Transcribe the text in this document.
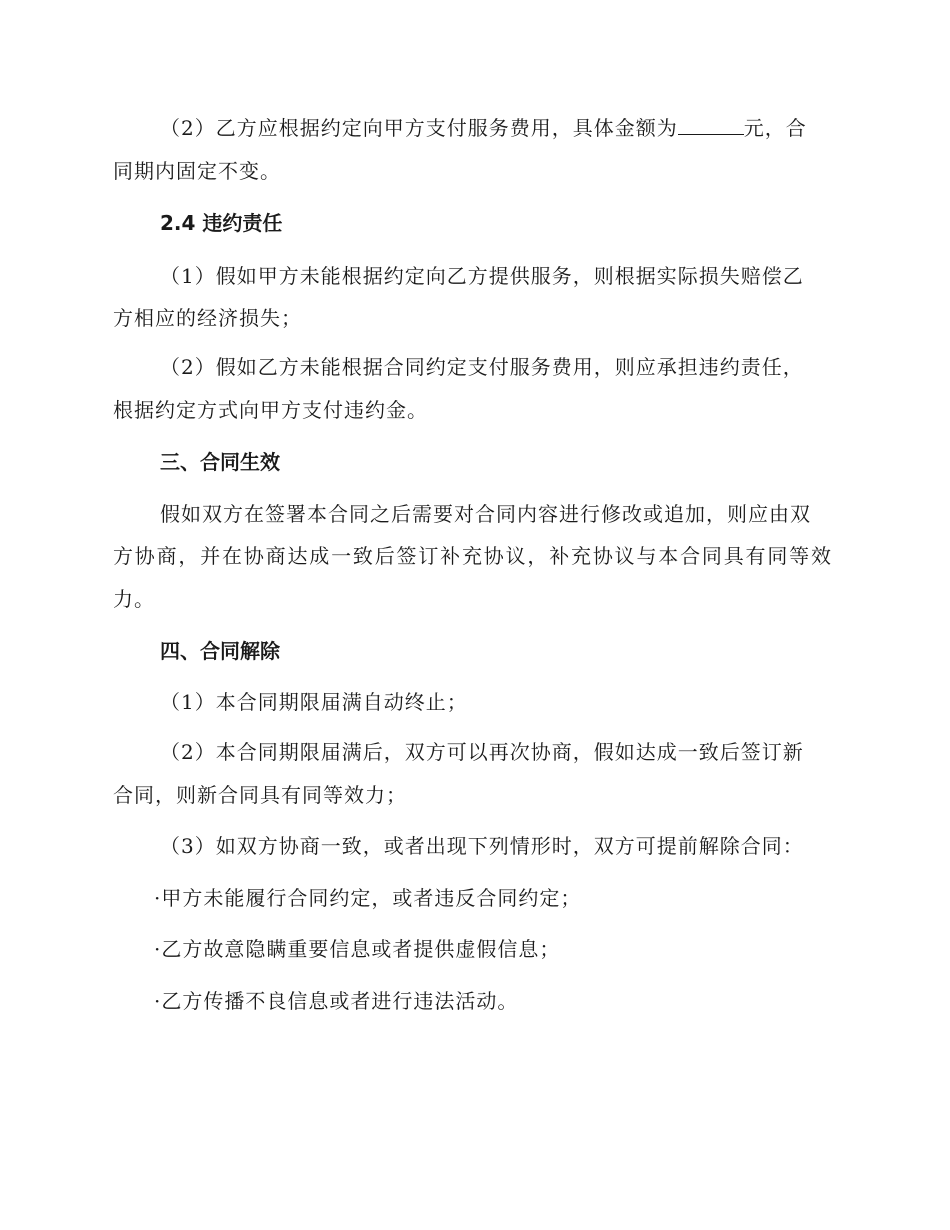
（2）乙方应根据约定向甲方支付服务费用，具体金额为	元，合
同期内固定不变。
2.4 违约责任
（1）假如甲方未能根据约定向乙方提供服务，则根据实际损失赔偿乙
方相应的经济损失；
（2）假如乙方未能根据合同约定支付服务费用，则应承担违约责任，
根据约定方式向甲方支付违约金。
三、合同生效
假如双方在签署本合同之后需要对合同内容进行修改或追加，则应由双
方协商，并在协商达成一致后签订补充协议，补充协议与本合同具有同等效
力。
四、合同解除
（1）本合同期限届满自动终止；
（2）本合同期限届满后，双方可以再次协商，假如达成一致后签订新
合同，则新合同具有同等效力；
（3）如双方协商一致，或者出现下列情形时，双方可提前解除合同：
·甲方未能履行合同约定，或者违反合同约定；
·乙方故意隐瞒重要信息或者提供虚假信息；
·乙方传播不良信息或者进行违法活动。
